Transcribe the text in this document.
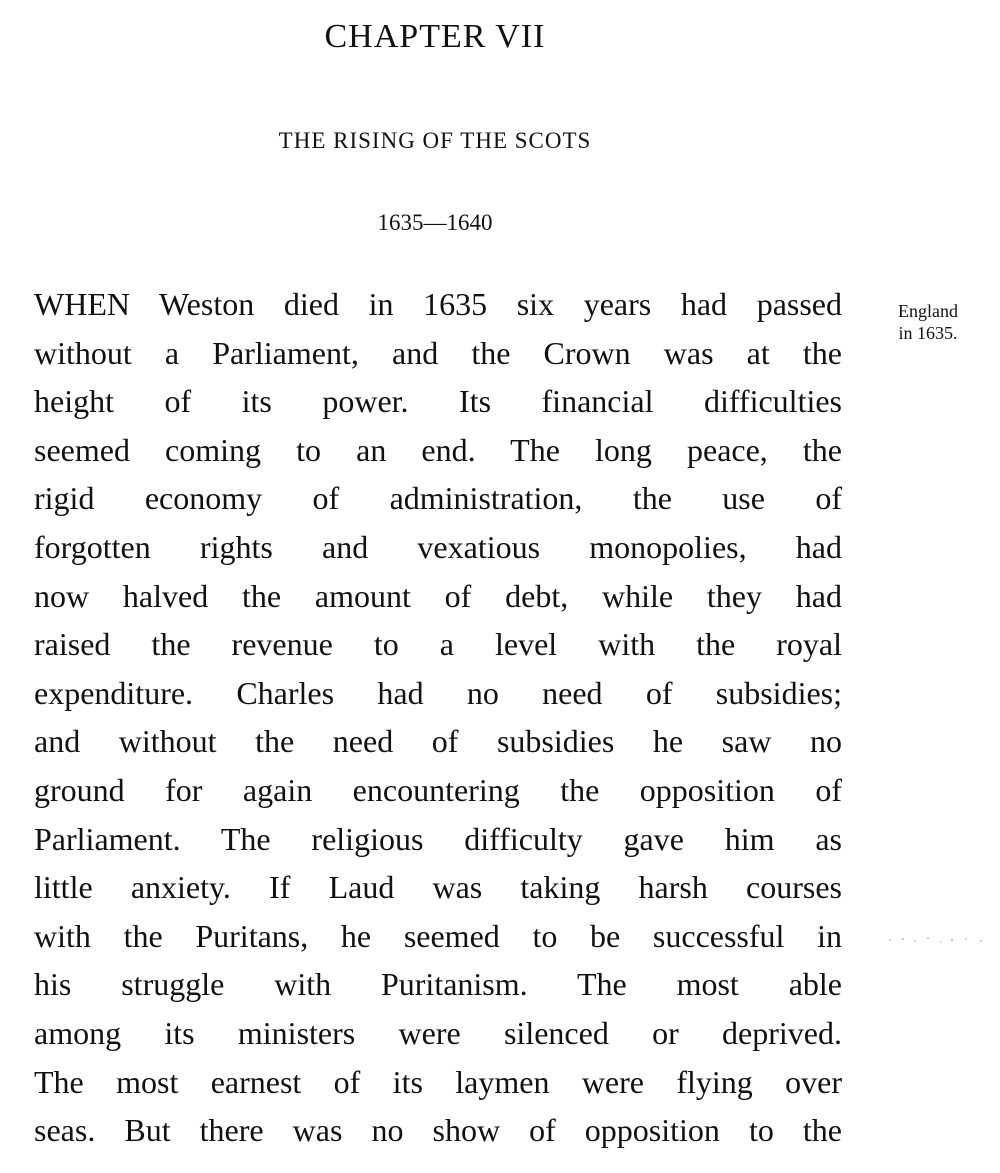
CHAPTER VII
THE RISING OF THE SCOTS
1635—1640
England
in 1635.
WHEN Weston died in 1635 six years had passed
without a Parliament, and the Crown was at the
height of its power. Its financial difficulties
seemed coming to an end. The long peace, the
rigid economy of administration, the use of
forgotten rights and vexatious monopolies, had
now halved the amount of debt, while they had
raised the revenue to a level with the royal
expenditure. Charles had no need of subsidies;
and without the need of subsidies he saw no
ground for again encountering the opposition of
Parliament. The religious difficulty gave him as
little anxiety. If Laud was taking harsh courses
with the Puritans, he seemed to be successful in
his struggle with Puritanism. The most able
among its ministers were silenced or deprived.
The most earnest of its laymen were flying over
seas. But there was no show of opposition to the
